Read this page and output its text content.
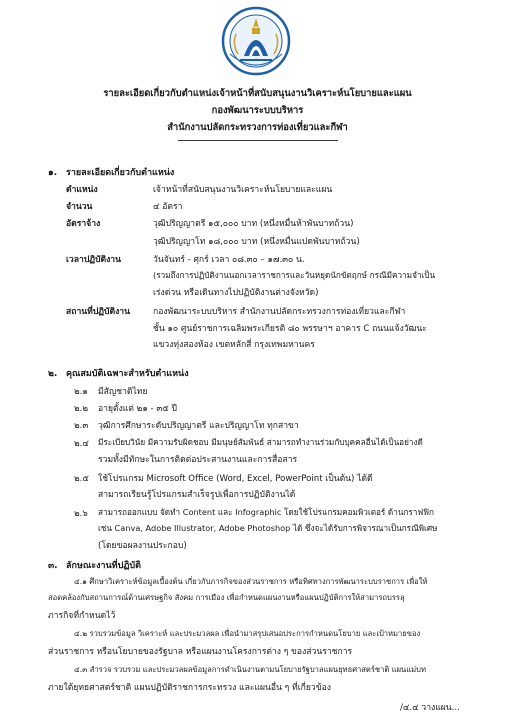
รายละเอียดเกี่ยวกับตำแหน่งเจ้าหน้าที่สนับสนุนงานวิเคราะห์นโยบายและแผน
กองพัฒนาระบบบริหาร
สำนักงานปลัดกระทรวงการท่องเที่ยวและกีฬา
๑. รายละเอียดเกี่ยวกับตำแหน่ง
ตำแหน่ง	เจ้าหน้าที่สนับสนุนงานวิเคราะห์นโยบายและแผน
จำนวน	๔ อัตรา
อัตราจ้าง	วุฒิปริญญาตรี ๑๕,๐๐๐ บาท (หนึ่งหมื่นห้าพันบาทถ้วน)
วุฒิปริญญาโท ๑๘,๐๐๐ บาท (หนึ่งหมื่นแปดพันบาทถ้วน)
เวลาปฏิบัติงาน	วันจันทร์ - ศุกร์ เวลา ๐๘.๓๐ – ๑๗.๓๐ น.
(รวมถึงการปฏิบัติงานนอกเวลาราชการและวันหยุดนักขัตฤกษ์ กรณีมีความจำเป็น
เร่งด่วน หรือเดินทางไปปฏิบัติงานต่างจังหวัด)
สถานที่ปฏิบัติงาน	กองพัฒนาระบบบริหาร สำนักงานปลัดกระทรวงการท่องเที่ยวและกีฬา
ชั้น ๑๐ ศูนย์ราชการเฉลิมพระเกียรติ ๘๐ พรรษาฯ อาคาร C ถนนแจ้งวัฒนะ
แขวงทุ่งสองห้อง เขตหลักสี่ กรุงเทพมหานคร
๒. คุณสมบัติเฉพาะสำหรับตำแหน่ง
๒.๑ มีสัญชาติไทย
๒.๒ อายุตั้งแต่ ๒๑ - ๓๕ ปี
๒.๓ วุฒิการศึกษาระดับปริญญาตรี และปริญญาโท ทุกสาขา
๒.๔ มีระเบียบวินัย มีความรับผิดชอบ มีมนุษย์สัมพันธ์ สามารถทำงานร่วมกับบุคคลอื่นได้เป็นอย่างดี
รวมทั้งมีทักษะในการติดต่อประสานงานและการสื่อสาร
๒.๕ ใช้โปรแกรม Microsoft Office (Word, Excel, PowerPoint เป็นต้น) ได้ดี
สามารถเรียนรู้โปรแกรมสำเร็จรูปเพื่อการปฏิบัติงานได้
๒.๖ สามารถออกแบบ จัดทำ Content และ Infographic โดยใช้โปรแกรมคอมพิวเตอร์ ด้านกราฟฟิก
เช่น Canva, Adobe Illustrator, Adobe Photoshop ได้ ซึ่งจะได้รับการพิจารณาเป็นกรณีพิเศษ
(โดยขอผลงานประกอบ)
๓. ลักษณะงานที่ปฏิบัติ
๔.๑ ศึกษาวิเคราะห์ข้อมูลเบื้องต้น เกี่ยวกับภารกิจของส่วนราชการ หรือทิศทางการพัฒนาระบบราชการ เพื่อให้
สอดคล้องกับสถานการณ์ด้านเศรษฐกิจ สังคม การเมือง เพื่อกำหนดแผนงานหรือแผนปฏิบัติการให้สามารถบรรลุ
ภารกิจที่กำหนดไว้
๔.๒ รวบรวมข้อมูล วิเคราะห์ และประมวลผล เพื่อนำมาสรุปเสนอประการกำหนดนโยบาย และเป้าหมายของ
ส่วนราชการ หรือนโยบายของรัฐบาล หรือแผนงานโครงการต่าง ๆ ของส่วนราชการ
๔.๓ สำรวจ รวบรวม และประมวลผลข้อมูลการดำเนินงานตามนโยบายรัฐบาลแผนยุทธศาสตร์ชาติ แผนแม่บท
ภายใต้ยุทธศาสตร์ชาติ แผนปฏิบัติราชการกระทรวง และแผนอื่น ๆ ที่เกี่ยวข้อง
/๔.๔ วางแผน...
